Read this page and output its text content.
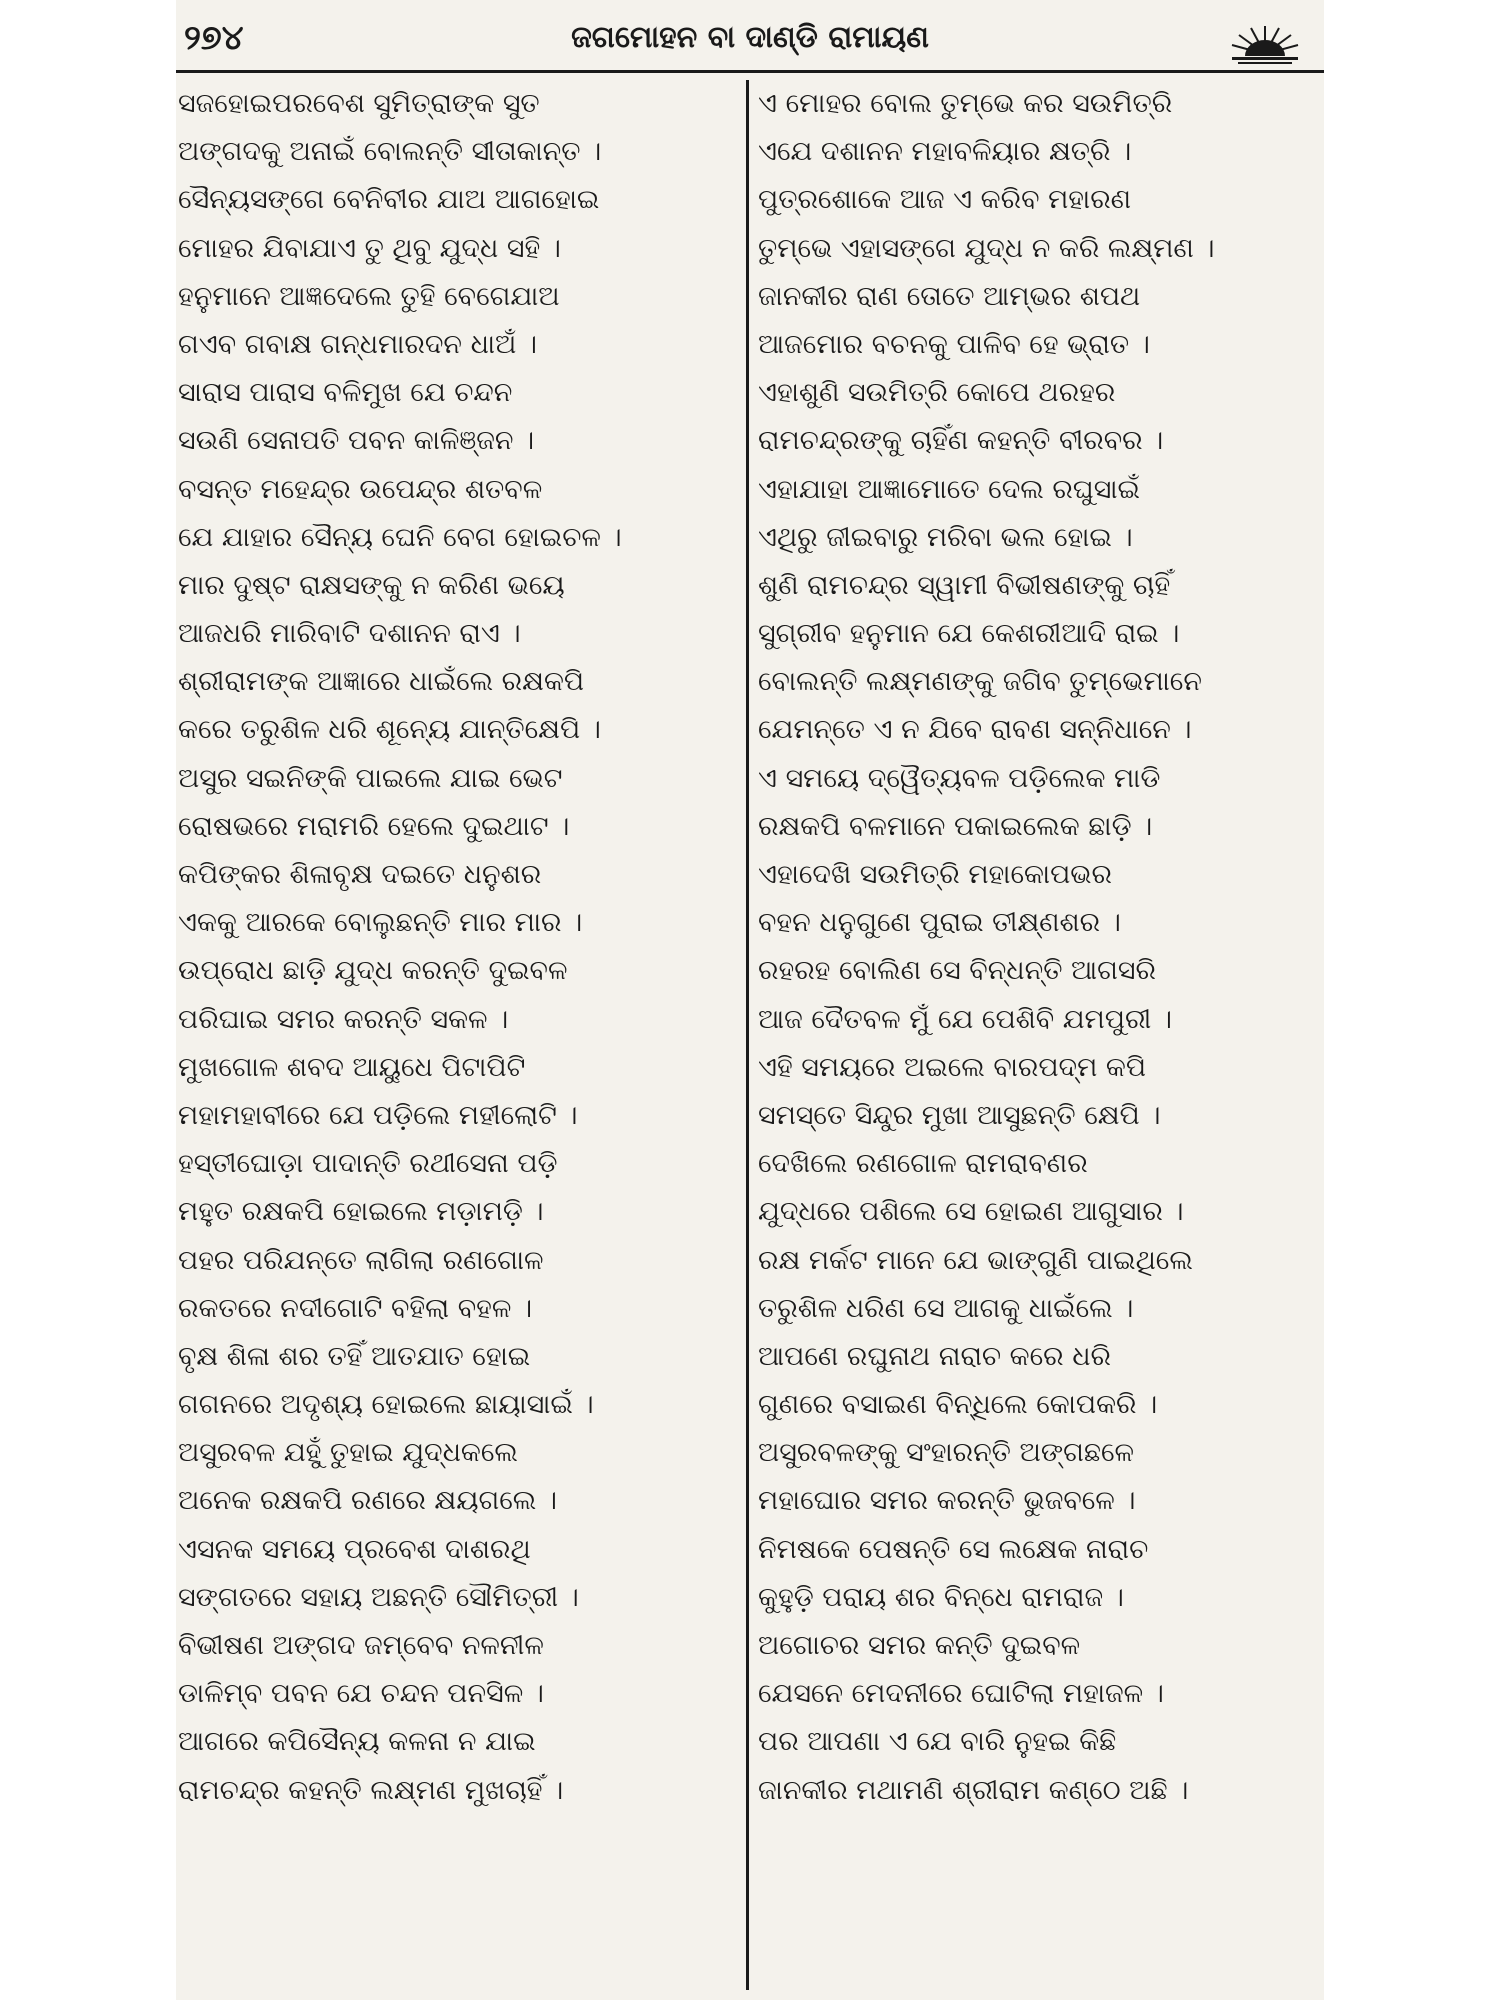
୨୭୪	ଜଗମୋହନ ବା ଦାଣ୍ଡି ରାମାୟଣ
ସଜହୋଇପରବେଶ ସୁମିତ୍ରାଙ୍କ ସୁତ
ଅଙ୍ଗଦକୁ ଅନାଇଁ ବୋଲନ୍ତି ସୀତାକାନ୍ତ ।
ସୈନ୍ୟସଙ୍ଗେ ବେନିବୀର ଯାଅ ଆଗହୋଇ
ମୋହର ଯିବାଯାଏ ତୁ ଥିବୁ ଯୁଦ୍ଧ ସହି ।
ହନୁମାନେ ଆଜ୍ଞଦେଲେ ତୁହି ବେଗେଯାଅ
ଗଏବ ଗବାକ୍ଷ ଗନ୍ଧମାରଦନ ଧାଅଁ ।
ସାରାସ ପାରାସ ବଳିମୁଖ ଯେ ଚନ୍ଦନ
ସଉଣି ସେନାପତି ପବନ କାଳିଞ୍ଜନ ।
ବସନ୍ତ ମହେନ୍ଦ୍ର ଉପେନ୍ଦ୍ର ଶତବଳ
ଯେ ଯାହାର ସୈନ୍ୟ ଘେନି ବେଗ ହୋଇଚଳ ।
ମାର ଦୁଷ୍ଟ ରାକ୍ଷସଙ୍କୁ ନ କରିଣ ଭୟେ
ଆଜଧରି ମାରିବାଟି ଦଶାନନ ରାଏ ।
ଶ୍ରୀରାମଙ୍କ ଆଜ୍ଞାରେ ଧାଇଁଲେ ରକ୍ଷକପି
କରେ ତରୁଶିଳ ଧରି ଶୂନ୍ୟେ ଯାନ୍ତିକ୍ଷେପି ।
ଅସୁର ସଇନିଙ୍କି ପାଇଲେ ଯାଇ ଭେଟ
ରୋଷଭରେ ମରାମରି ହେଲେ ଦୁଇଥାଟ ।
କପିଙ୍କର ଶିଳାବୃକ୍ଷ ଦଇତେ ଧନୁଶର
ଏକକୁ ଆରକେ ବୋଲୁଛନ୍ତି ମାର ମାର ।
ଉପ୍ରୋଧ ଛାଡ଼ି ଯୁଦ୍ଧ କରନ୍ତି ଦୁଇବଳ
ପରିଘାଇ ସମର କରନ୍ତି ସକଳ ।
ମୁଖଗୋଳ ଶବଦ ଆୟୁଧେ ପିଟାପିଟି
ମହାମହାବୀରେ ଯେ ପଡ଼ିଲେ ମହୀଲୋଟି ।
ହସ୍ତୀଘୋଡ଼ା ପାଦାନ୍ତି ରଥୀସେନା ପଡ଼ି
ମହୁତ ରକ୍ଷକପି ହୋଇଲେ ମଡ଼ାମଡ଼ି ।
ପହର ପରିଯନ୍ତେ ଲାଗିଲା ରଣଗୋଳ
ରକତରେ ନଦୀଗୋଟି ବହିଲା ବହଳ ।
ବୃକ୍ଷ ଶିଳା ଶର ତହିଁ ଆତଯାତ ହୋଇ
ଗଗନରେ ଅଦୃଶ୍ୟ ହୋଇଲେ ଛାୟାସାଇଁ ।
ଅସୁରବଳ ଯହୁଁ ତୁହାଇ ଯୁଦ୍ଧକଲେ
ଅନେକ ରକ୍ଷକପି ରଣରେ କ୍ଷୟଗଲେ ।
ଏସନକ ସମୟେ ପ୍ରବେଶ ଦାଶରଥି
ସଙ୍ଗତରେ ସହାୟ ଅଛନ୍ତି ସୌମିତ୍ରୀ ।
ବିଭୀଷଣ ଅଙ୍ଗଦ ଜମ୍ବେବ ନଳନୀଳ
ଡାଳିମ୍ବ ପବନ ଯେ ଚନ୍ଦନ ପନସିଳ ।
ଆଗରେ କପିସୈନ୍ୟ କଳନା ନ ଯାଇ
ରାମଚନ୍ଦ୍ର କହନ୍ତି ଲକ୍ଷ୍ମଣ ମୁଖଚାହିଁ ।
ଏ ମୋହର ବୋଲ ତୁମ୍ଭେ କର ସଉମିତ୍ରି
ଏଯେ ଦଶାନନ ମହାବଳିୟାର କ୍ଷତ୍ରି ।
ପୁତ୍ରଶୋକେ ଆଜ ଏ କରିବ ମହାରଣ
ତୁମ୍ଭେ ଏହାସଙ୍ଗେ ଯୁଦ୍ଧ ନ କରି ଲକ୍ଷ୍ମଣ ।
ଜାନକୀର ରାଣ ତୋତେ ଆମ୍ଭର ଶପଥ
ଆଜମୋର ବଚନକୁ ପାଳିବ ହେ ଭ୍ରାତ ।
ଏହାଶୁଣି ସଉମିତ୍ରି କୋପେ ଥରହର
ରାମଚନ୍ଦ୍ରଙ୍କୁ ଚାହିଁଣ କହନ୍ତି ବୀରବର ।
ଏହାଯାହା ଆଜ୍ଞାମୋତେ ଦେଲ ରଘୁସାଇଁ
ଏଥିରୁ ଜୀଇବାରୁ ମରିବା ଭଲ ହୋଇ ।
ଶୁଣି ରାମଚନ୍ଦ୍ର ସ୍ୱାମୀ ବିଭୀଷଣଙ୍କୁ ଚାହିଁ
ସୁଗ୍ରୀବ ହନୁମାନ ଯେ କେଶରୀଆଦି ରାଇ ।
ବୋଲନ୍ତି ଲକ୍ଷ୍ମଣଙ୍କୁ ଜଗିବ ତୁମ୍ଭେମାନେ
ଯେମନ୍ତେ ଏ ନ ଯିବେ ରାବଣ ସନ୍ନିଧାନେ ।
ଏ ସମୟେ ଦ୍ୱୈତ୍ୟବଳ ପଡ଼ିଲେକ ମାଡି
ରକ୍ଷକପି ବଳମାନେ ପକାଇଲେକ ଛାଡ଼ି ।
ଏହାଦେଖି ସଉମିତ୍ରି ମହାକୋପଭର
ବହନ ଧନୁଗୁଣେ ପୁରାଇ ତୀକ୍ଷ୍ଣଶର ।
ରହରହ ବୋଲିଣ ସେ ବିନ୍ଧନ୍ତି ଆଗସରି
ଆଜ ଦୈତବଳ ମୁଁ ଯେ ପେଶିବି ଯମପୁରୀ ।
ଏହି ସମୟରେ ଅଇଲେ ବାରପଦ୍ମ କପି
ସମସ୍ତେ ସିନ୍ଦୁର ମୁଖା ଆସୁଛନ୍ତି କ୍ଷେପି ।
ଦେଖିଲେ ରଣଗୋଳ ରାମରାବଣର
ଯୁଦ୍ଧରେ ପଶିଲେ ସେ ହୋଇଣ ଆଗୁସାର ।
ରକ୍ଷ ମର୍କଟ ମାନେ ଯେ ଭାଙ୍ଗୁଣି ପାଇଥିଲେ
ତରୁଶିଳ ଧରିଣ ସେ ଆଗକୁ ଧାଇଁଲେ ।
ଆପଣେ ରଘୁନାଥ ନାରାଚ କରେ ଧରି
ଗୁଣରେ ବସାଇଣ ବିନ୍ଧିଲେ କୋପକରି ।
ଅସୁରବଳଙ୍କୁ ସଂହାରନ୍ତି ଅଙ୍ଗଛଳେ
ମହାଘୋର ସମର କରନ୍ତି ଭୁଜବଳେ ।
ନିମଷକେ ପେଷନ୍ତି ସେ ଲକ୍ଷେକ ନାରାଚ
କୁହୁଡ଼ି ପରାୟ ଶର ବିନ୍ଧେ ରାମରାଜ ।
ଅଗୋଚର ସମର କନ୍ତି ଦୁଇବଳ
ଯେସନେ ମେଦନୀରେ ଘୋଟିଲା ମହାଜଳ ।
ପର ଆପଣା ଏ ଯେ ବାରି ନୁହଇ କିଛି
ଜାନକୀର ମଥାମଣି ଶ୍ରୀରାମ କଣ୍ଠେ ଅଛି ।
